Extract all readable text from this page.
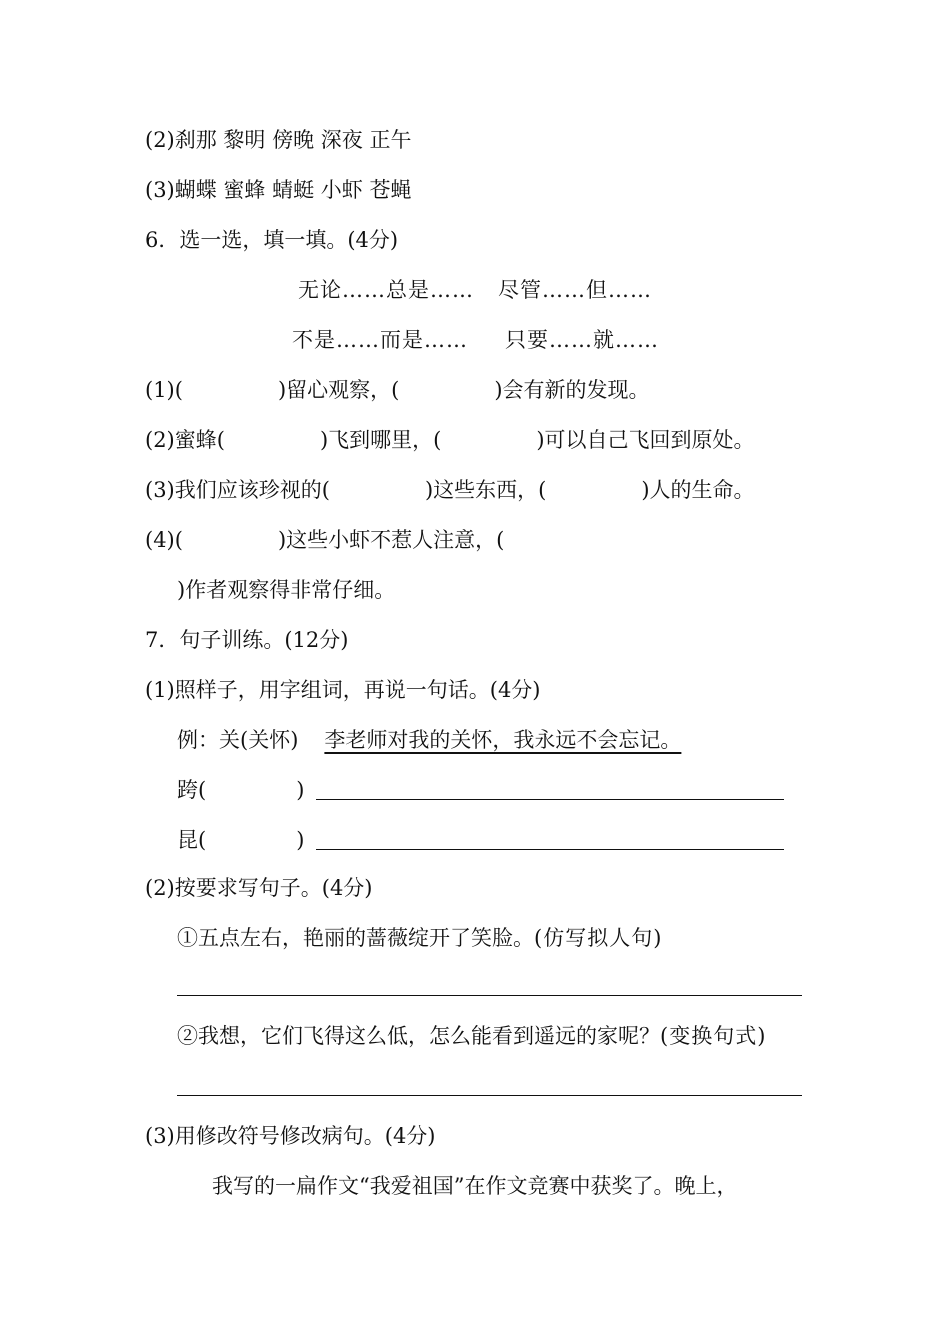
(2)刹那 黎明 傍晚 深夜 正午
(3)蝴蝶 蜜蜂 蜻蜓 小虾 苍蝇
6．选一选，填一填。(4分)
无论……总是…… 尽管……但……
不是……而是…… 只要……就……
(1)(	)留心观察，(	)会有新的发现。
(2)蜜蜂(	)飞到哪里，(	)可以自己飞回到原处。
(3)我们应该珍视的(	)这些东西，(	)人的生命。
(4)(	)这些小虾不惹人注意，(
)作者观察得非常仔细。
7．句子训练。(12分)
(1)照样子，用字组词，再说一句话。(4分)
例：关(关怀) 李老师对我的关怀，我永远不会忘记。
跨(	)
昆(	)
(2)按要求写句子。(4分)
①五点左右，艳丽的蔷薇绽开了笑脸。(仿写拟人句)
②我想，它们飞得这么低，怎么能看到遥远的家呢？(变换句式)
(3)用修改符号修改病句。(4分)
我写的一扁作文“我爱祖国”在作文竞赛中获奖了。晚上，
